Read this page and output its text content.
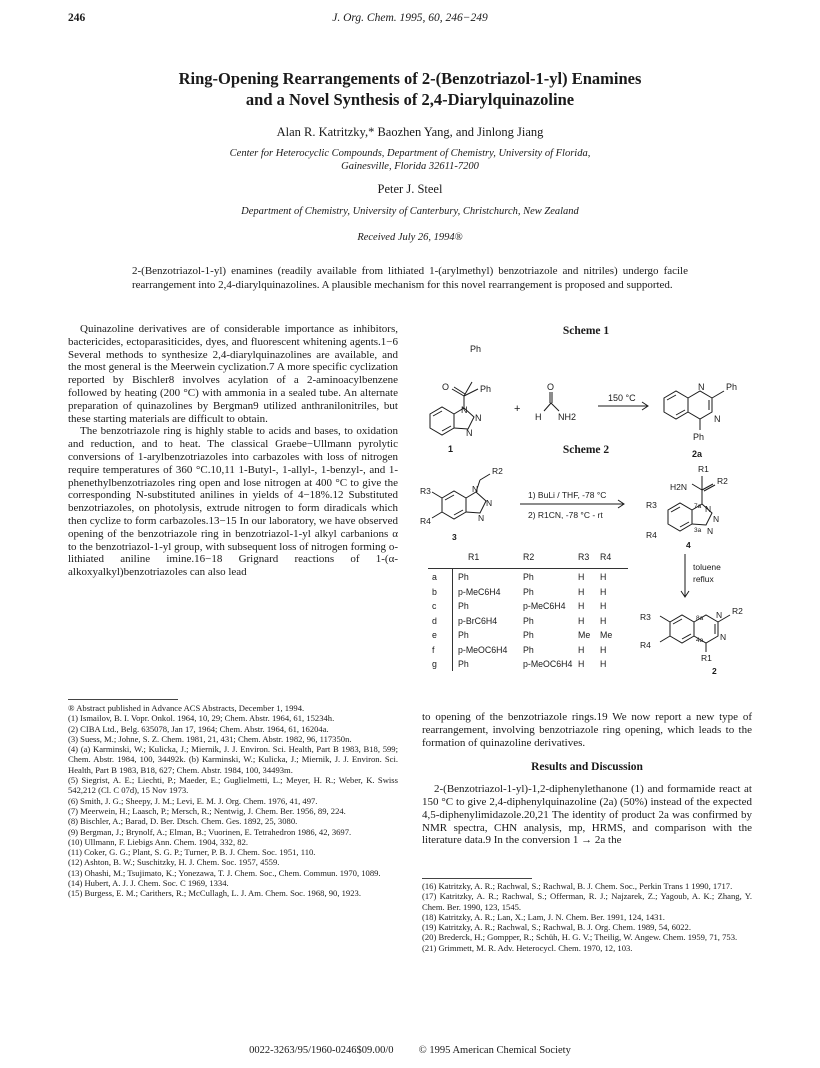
246	J. Org. Chem. 1995, 60, 246−249
Ring-Opening Rearrangements of 2-(Benzotriazol-1-yl) Enamines
and a Novel Synthesis of 2,4-Diarylquinazoline
Alan R. Katritzky,* Baozhen Yang, and Jinlong Jiang
Center for Heterocyclic Compounds, Department of Chemistry, University of Florida,
Gainesville, Florida 32611-7200
Peter J. Steel
Department of Chemistry, University of Canterbury, Christchurch, New Zealand
Received July 26, 1994®
2-(Benzotriazol-1-yl) enamines (readily available from lithiated 1-(arylmethyl) benzotriazole and nitriles) undergo facile rearrangement into 2,4-diarylquinazolines. A plausible mechanism for this novel rearrangement is proposed and supported.

Quinazoline derivatives are of considerable importance as inhibitors, bactericides, ectoparasiticides, dyes, and fluorescent whitening agents.1−6 Several methods to synthesize 2,4-diarylquinazolines are available, and the most general is the Meerwein cyclization.7 A more specific cyclization reported by Bischler8 involves acylation of a 2-aminoacylbenzene followed by heating (200 °C) with ammonia in a sealed tube. An alternate preparation of quinazolines by Bergman9 utilized anthranilonitriles, but these starting materials are difficult to obtain.

The benzotriazole ring is highly stable to acids and bases, to oxidation and reduction, and to heat. The classical Graebe−Ullmann pyrolytic conversions of 1-arylbenzotriazoles into carbazoles with loss of nitrogen require temperatures of 360 °C.10,11 1-Butyl-, 1-allyl-, 1-benzyl-, and 1-phenethylbenzotriazoles ring open and lose nitrogen at 400 °C to give the corresponding N-substituted anilines in yields of 4−18%.12 Substituted benzotriazoles, on photolysis, extrude nitrogen to form diradicals which then cyclize to form carbazoles.13−15 In our laboratory, we have observed opening of the benzotriazole ring in benzotriazol-1-yl alkyl carbanions α to the benzotriazol-1-yl group, with subsequent loss of nitrogen forming o-lithiated aniline imine.16−18 Grignard reactions of 1-(α-alkoxyalkyl)benzotriazoles can also lead

® Abstract published in Advance ACS Abstracts, December 1, 1994.
(1) Ismailov, B. I. Vopr. Onkol. 1964, 10, 29; Chem. Abstr. 1964, 61, 15234h.
(2) CIBA Ltd., Belg. 635078, Jan 17, 1964; Chem. Abstr. 1964, 61, 16204a.
(3) Suess, M.; Johne, S. Z. Chem. 1981, 21, 431; Chem. Abstr. 1982, 96, 117350n.
(4) (a) Karminski, W.; Kulicka, J.; Miernik, J. J. Environ. Sci. Health, Part B 1983, B18, 599; Chem. Abstr. 1984, 100, 34492k. (b) Karminski, W.; Kulicka, J.; Miernik, J. J. Environ. Sci. Health, Part B 1983, B18, 627; Chem. Abstr. 1984, 100, 34493m.
(5) Siegrist, A. E.; Liechti, P.; Maeder, E.; Guglielmetti, L.; Meyer, H. R.; Weber, K. Swiss 542,212 (Cl. C 07d), 15 Nov 1973.
(6) Smith, J. G.; Sheepy, J. M.; Levi, E. M. J. Org. Chem. 1976, 41, 497.
(7) Meerwein, H.; Laasch, P.; Mersch, R.; Nentwig, J. Chem. Ber. 1956, 89, 224.
(8) Bischler, A.; Barad, D. Ber. Dtsch. Chem. Ges. 1892, 25, 3080.
(9) Bergman, J.; Brynolf, A.; Elman, B.; Vuorinen, E. Tetrahedron 1986, 42, 3697.
(10) Ullmann, F. Liebigs Ann. Chem. 1904, 332, 82.
(11) Coker, G. G.; Plant, S. G. P.; Turner, P. B. J. Chem. Soc. 1951, 110.
(12) Ashton, B. W.; Suschitzky, H. J. Chem. Soc. 1957, 4559.
(13) Ohashi, M.; Tsujimato, K.; Yonezawa, T. J. Chem. Soc., Chem. Commun. 1970, 1089.
(14) Hubert, A. J. J. Chem. Soc. C 1969, 1334.
(15) Burgess, E. M.; Carithers, R.; McCullagh, L. J. Am. Chem. Soc. 1968, 90, 1923.
Scheme 1
Ph
O	Ph
N
N
N
1
+
O
H NH2
150 °C
N
N
Ph
Ph
2a
Scheme 2
R2
R3
R4
N
N
N
3
1) BuLi / THF, -78 °C
2) R1CN, -78 °C - rt
R1
H2N
R2
R3
R4
7a
3a
N
N
N
4
toluene
reflux
R3
R4
R2
R1
8a
4a
N
N
2
R1	R2	R3 R4
a Ph	Ph	H H
b p-MeC6H4	Ph	H H
c Ph	p-MeC6H4 H H
d p-BrC6H4	Ph	H H
e Ph	Ph	Me Me
f	p-MeOC6H4 Ph	H H
g Ph	p-MeOC6H4 H H

to opening of the benzotriazole rings.19 We now report a new type of rearrangement, involving benzotriazole ring opening, which leads to the formation of quinazoline derivatives.

Results and Discussion

2-(Benzotriazol-1-yl)-1,2-diphenylethanone (1) and formamide react at 150 °C to give 2,4-diphenylquinazoline (2a) (50%) instead of the expected 4,5-diphenylimidazole.20,21 The identity of product 2a was confirmed by NMR spectra, CHN analysis, mp, HRMS, and comparison with the literature data.9 In the conversion 1 → 2a the

(16) Katritzky, A. R.; Rachwal, S.; Rachwal, B. J. Chem. Soc., Perkin Trans 1 1990, 1717.
(17) Katritzky, A. R.; Rachwal, S.; Offerman, R. J.; Najzarek, Z.; Yagoub, A. K.; Zhang, Y. Chem. Ber. 1990, 123, 1545.
(18) Katritzky, A. R.; Lan, X.; Lam, J. N. Chem. Ber. 1991, 124, 1431.
(19) Katritzky, A. R.; Rachwal, S.; Rachwal, B. J. Org. Chem. 1989, 54, 6022.
(20) Brederck, H.; Gompper, R.; Schüh, H. G. V.; Theilig, W. Angew. Chem. 1959, 71, 753.
(21) Grimmett, M. R. Adv. Heterocycl. Chem. 1970, 12, 103.
0022-3263/95/1960-0246$09.00/0 © 1995 American Chemical Society
